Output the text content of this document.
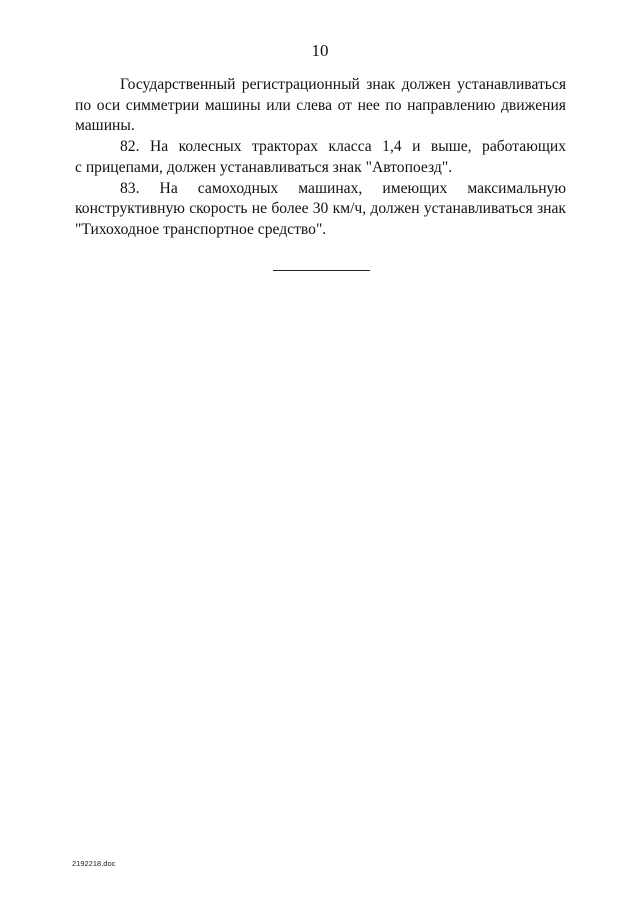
10
Государственный регистрационный знак должен устанавливаться
по оси симметрии машины или слева от нее по направлению движения
машины.
82. На колесных тракторах класса 1,4 и выше, работающих
с прицепами, должен устанавливаться знак "Автопоезд".
83. На самоходных машинах, имеющих максимальную
конструктивную скорость не более 30 км/ч, должен устанавливаться знак
"Тихоходное транспортное средство".
2192218.doc
